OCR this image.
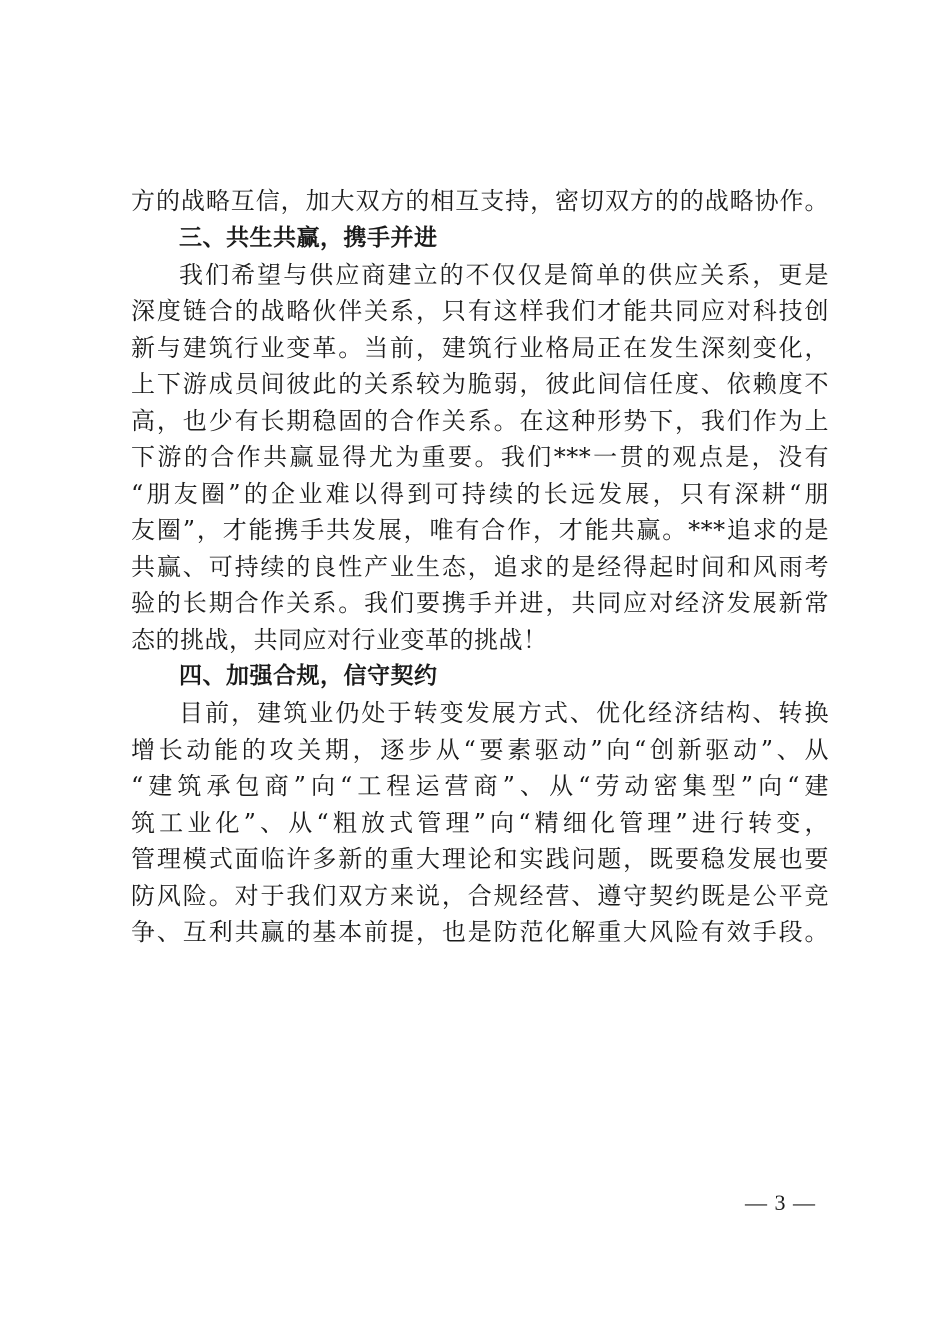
方的战略互信，加大双方的相互支持，密切双方的的战略协作。
三、共生共赢，携手并进
我们希望与供应商建立的不仅仅是简单的供应关系，更是
深度链合的战略伙伴关系，只有这样我们才能共同应对科技创
新与建筑行业变革。当前，建筑行业格局正在发生深刻变化，
上下游成员间彼此的关系较为脆弱，彼此间信任度、依赖度不
高，也少有长期稳固的合作关系。在这种形势下，我们作为上
下游的合作共赢显得尤为重要。我们***一贯的观点是，没有
“朋友圈”的企业难以得到可持续的长远发展，只有深耕“朋
友圈”，才能携手共发展，唯有合作，才能共赢。***追求的是
共赢、可持续的良性产业生态，追求的是经得起时间和风雨考
验的长期合作关系。我们要携手并进，共同应对经济发展新常
态的挑战，共同应对行业变革的挑战！
四、加强合规，信守契约
目前，建筑业仍处于转变发展方式、优化经济结构、转换
增长动能的攻关期，逐步从“要素驱动”向“创新驱动”、从
“建筑承包商”向“工程运营商”、从“劳动密集型”向“建
筑工业化”、从“粗放式管理”向“精细化管理”进行转变，
管理模式面临许多新的重大理论和实践问题，既要稳发展也要
防风险。对于我们双方来说，合规经营、遵守契约既是公平竞
争、互利共赢的基本前提，也是防范化解重大风险有效手段。
— 3 —
